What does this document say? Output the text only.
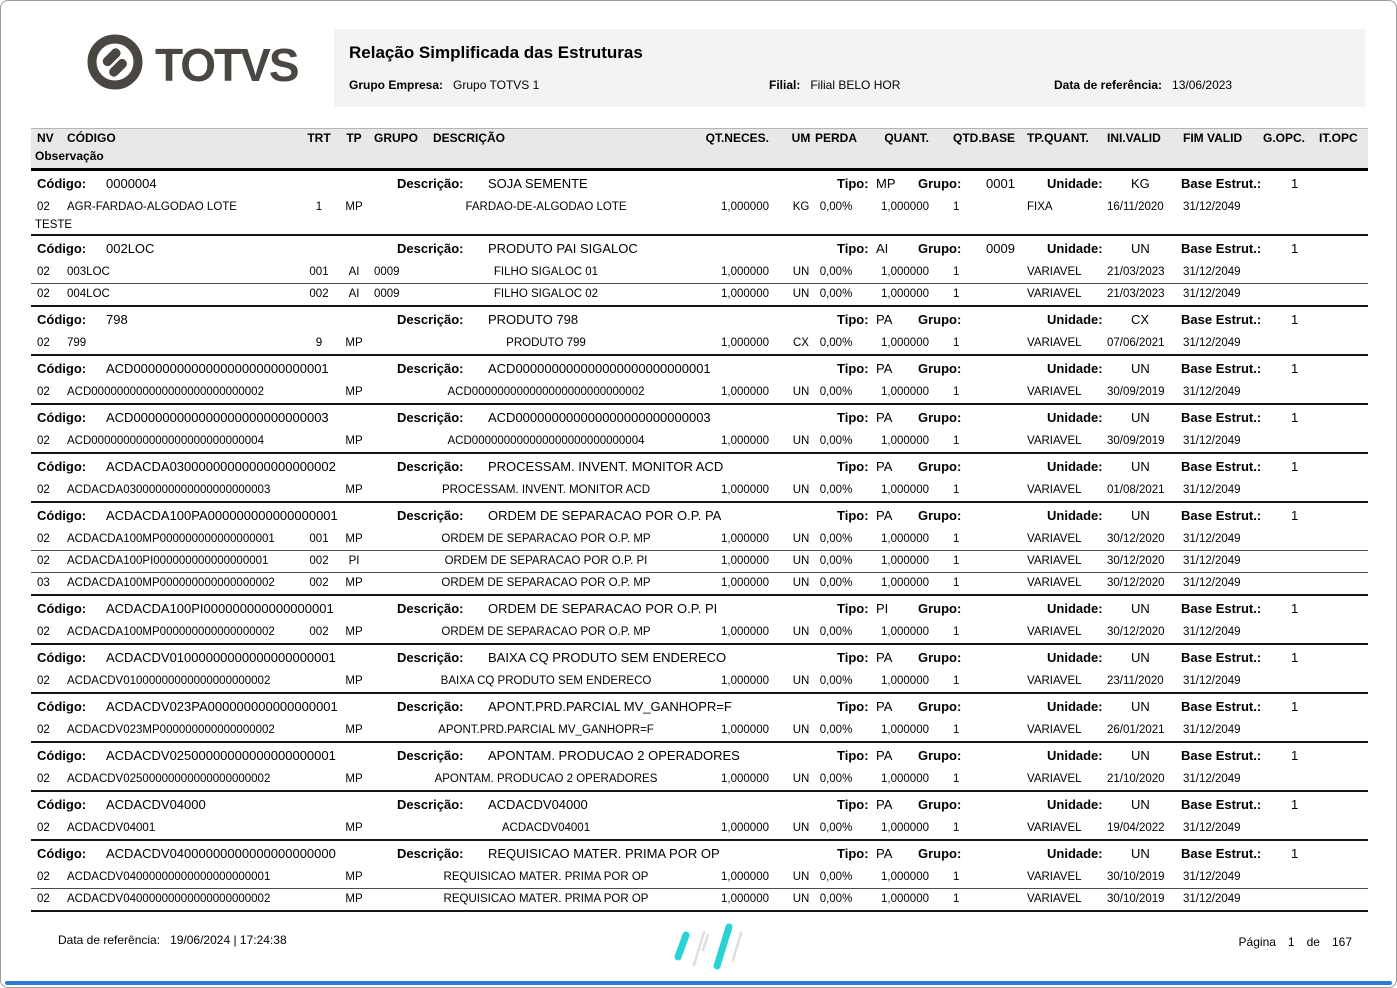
TOTVS	Relação Simplificada das Estruturas
Grupo Empresa: Grupo TOTVS 1	Filial: Filial BELO HOR	Data de referência: 13/06/2023
NV CÓDIGO	TRT	TP	GRUPO DESCRIÇÃO	QT.NECES.	UM PERDA	QUANT. QTD.BASE TP.QUANT. INI.VALID FIM VALID G.OPC. IT.OPC
Observação
Código: 0000004	Descrição: SOJA SEMENTE	Tipo: MP Grupo: 0001 Unidade: KG Base Estrut.: 1
02 AGR-FARDAO-ALGODAO LOTE	1	MP	FARDAO-DE-ALGODAO LOTE	1,000000	KG 0,00%	1,000000 1	FIXA	16/11/2020 31/12/2049
TESTE
Código: 002LOC	Descrição: PRODUTO PAI SIGALOC	Tipo: AI Grupo: 0009 Unidade: UN Base Estrut.: 1
02 003LOC	001	AI	0009	FILHO SIGALOC 01	1,000000	UN 0,00%	1,000000 1	VARIAVEL 21/03/2023 31/12/2049
02 004LOC	002	AI	0009	FILHO SIGALOC 02	1,000000	UN 0,00%	1,000000 1	VARIAVEL 21/03/2023 31/12/2049
Código: 798	Descrição: PRODUTO 798	Tipo: PA Grupo:	Unidade: CX Base Estrut.: 1
02 799	9	MP	PRODUTO 799	1,000000	CX 0,00%	1,000000 1	VARIAVEL 07/06/2021 31/12/2049
Código: ACD000000000000000000000000001	Descrição: ACD000000000000000000000000001	Tipo: PA Grupo:	Unidade: UN Base Estrut.: 1
02 ACD000000000000000000000000002	MP	ACD000000000000000000000000002	1,000000	UN 0,00%	1,000000 1	VARIAVEL 30/09/2019 31/12/2049
Código: ACD000000000000000000000000003	Descrição: ACD000000000000000000000000003	Tipo: PA Grupo:	Unidade: UN Base Estrut.: 1
02 ACD000000000000000000000000004	MP	ACD000000000000000000000000004	1,000000	UN 0,00%	1,000000 1	VARIAVEL 30/09/2019 31/12/2049
Código: ACDACDA03000000000000000000002	Descrição: PROCESSAM. INVENT. MONITOR ACD	Tipo: PA Grupo:	Unidade: UN Base Estrut.: 1
02 ACDACDA03000000000000000000003	MP	PROCESSAM. INVENT. MONITOR ACD	1,000000	UN 0,00%	1,000000 1	VARIAVEL 01/08/2021 31/12/2049
Código: ACDACDA100PA000000000000000001	Descrição: ORDEM DE SEPARACAO POR O.P. PA	Tipo: PA Grupo:	Unidade: UN Base Estrut.: 1
02 ACDACDA100MP000000000000000001	001	MP	ORDEM DE SEPARACAO POR O.P. MP	1,000000	UN 0,00%	1,000000 1	VARIAVEL 30/12/2020 31/12/2049
02 ACDACDA100PI000000000000000001	002	PI	ORDEM DE SEPARACAO POR O.P. PI	1,000000	UN 0,00%	1,000000 1	VARIAVEL 30/12/2020 31/12/2049
03 ACDACDA100MP000000000000000002	002	MP	ORDEM DE SEPARACAO POR O.P. MP	1,000000	UN 0,00%	1,000000 1	VARIAVEL 30/12/2020 31/12/2049
Código: ACDACDA100PI000000000000000001	Descrição: ORDEM DE SEPARACAO POR O.P. PI	Tipo: PI Grupo:	Unidade: UN Base Estrut.: 1
02 ACDACDA100MP000000000000000002	002	MP	ORDEM DE SEPARACAO POR O.P. MP	1,000000	UN 0,00%	1,000000 1	VARIAVEL 30/12/2020 31/12/2049
Código: ACDACDV01000000000000000000001	Descrição: BAIXA CQ PRODUTO SEM ENDERECO	Tipo: PA Grupo:	Unidade: UN Base Estrut.: 1
02 ACDACDV01000000000000000000002	MP	BAIXA CQ PRODUTO SEM ENDERECO	1,000000	UN 0,00%	1,000000 1	VARIAVEL 23/11/2020 31/12/2049
Código: ACDACDV023PA000000000000000001	Descrição: APONT.PRD.PARCIAL MV_GANHOPR=F	Tipo: PA Grupo:	Unidade: UN Base Estrut.: 1
02 ACDACDV023MP000000000000000002	MP	APONT.PRD.PARCIAL MV_GANHOPR=F	1,000000	UN 0,00%	1,000000 1	VARIAVEL 26/01/2021 31/12/2049
Código: ACDACDV02500000000000000000001	Descrição: APONTAM. PRODUCAO 2 OPERADORES	Tipo: PA Grupo:	Unidade: UN Base Estrut.: 1
02 ACDACDV02500000000000000000002	MP	APONTAM. PRODUCAO 2 OPERADORES	1,000000	UN 0,00%	1,000000 1	VARIAVEL 21/10/2020 31/12/2049
Código: ACDACDV04000	Descrição: ACDACDV04000	Tipo: PA Grupo:	Unidade: UN Base Estrut.: 1
02 ACDACDV04001	MP	ACDACDV04001	1,000000	UN 0,00%	1,000000 1	VARIAVEL 19/04/2022 31/12/2049
Código: ACDACDV04000000000000000000000	Descrição: REQUISICAO MATER. PRIMA POR OP	Tipo: PA Grupo:	Unidade: UN Base Estrut.: 1
02 ACDACDV04000000000000000000001	MP	REQUISICAO MATER. PRIMA POR OP	1,000000	UN 0,00%	1,000000 1	VARIAVEL 30/10/2019 31/12/2049
02 ACDACDV04000000000000000000002	MP	REQUISICAO MATER. PRIMA POR OP	1,000000	UN 0,00%	1,000000 1	VARIAVEL 30/10/2019 31/12/2049
Data de referência: 19/06/2024 | 17:24:38	Página 1 de 167
